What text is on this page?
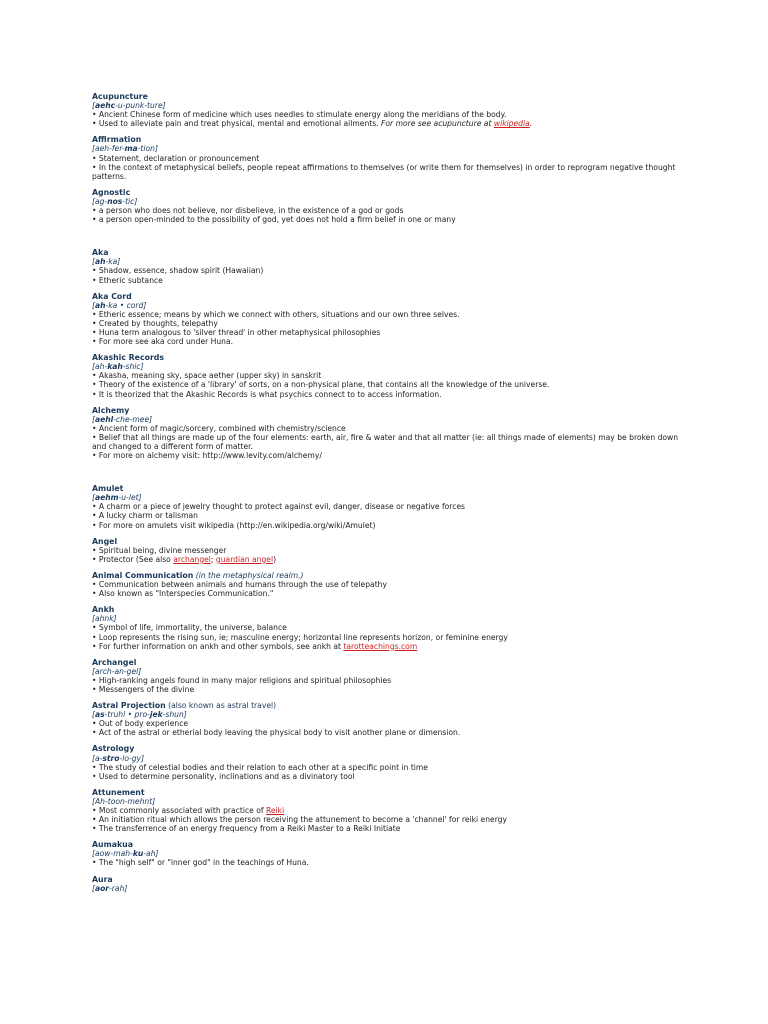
Acupuncture
[aehc-u-punk-ture]
• Ancient Chinese form of medicine which uses needles to stimulate energy along the meridians of the body.
• Used to alleviate pain and treat physical, mental and emotional ailments. For more see acupuncture at wikipedia.
Affirmation
[aeh-fer-ma-tion]
• Statement, declaration or pronouncement
• In the context of metaphysical beliefs, people repeat affirmations to themselves (or write them for themselves) in order to reprogram negative thought patterns.
Agnostic
[ag-nos-tic]
• a person who does not believe, nor disbelieve, in the existence of a god or gods
• a person open-minded to the possibility of god, yet does not hold a firm belief in one or many
Aka
[ah-ka]
• Shadow, essence, shadow spirit (Hawaiian)
• Etheric subtance
Aka Cord
[ah-ka • cord]
• Etheric essence; means by which we connect with others, situations and our own three selves.
• Created by thoughts, telepathy
• Huna term analogous to 'silver thread' in other metaphysical philosophies
• For more see aka cord under Huna.
Akashic Records
[ah-kah-shic]
• Akasha, meaning sky, space aether (upper sky) in sanskrit
• Theory of the existence of a 'library' of sorts, on a non-physical plane, that contains all the knowledge of the universe.
• It is theorized that the Akashic Records is what psychics connect to to access information.
Alchemy
[aehl-che-mee]
• Ancient form of magic/sorcery, combined with chemistry/science
• Belief that all things are made up of the four elements: earth, air, fire & water and that all matter (ie: all things made of elements) may be broken down and changed to a different form of matter.
• For more on alchemy visit: http://www.levity.com/alchemy/
Amulet
[aehm-u-let]
• A charm or a piece of jewelry thought to protect against evil, danger, disease or negative forces
• A lucky charm or talisman
• For more on amulets visit wikipedia (http://en.wikipedia.org/wiki/Amulet)
Angel
• Spiritual being, divine messenger
• Protector (See also archangel; guardian angel)
Animal Communication (in the metaphysical realm.)
• Communication between animals and humans through the use of telepathy
• Also known as "Interspecies Communication."
Ankh
[ahnk]
• Symbol of life, immortality, the universe, balance
• Loop represents the rising sun, ie; masculine energy; horizontal line represents horizon, or feminine energy
• For further information on ankh and other symbols, see ankh at tarotteachings.com
Archangel
[arch-an-gel]
• High-ranking angels found in many major religions and spiritual philosophies
• Messengers of the divine
Astral Projection (also known as astral travel)
[as-truhl • pro-jek-shun]
• Out of body experience
• Act of the astral or etherial body leaving the physical body to visit another plane or dimension.
Astrology
[a-stro-lo-gy]
• The study of celestial bodies and their relation to each other at a specific point in time
• Used to determine personality, inclinations and as a divinatory tool
Attunement
[Ah-toon-mehnt]
• Most commonly associated with practice of Reiki
• An initiation ritual which allows the person receiving the attunement to become a 'channel' for reiki energy
• The transferrence of an energy frequency from a Reiki Master to a Reiki Initiate
Aumakua
[aow-mah-ku-ah]
• The "high self" or "inner god" in the teachings of Huna.
Aura
[aor-rah]
